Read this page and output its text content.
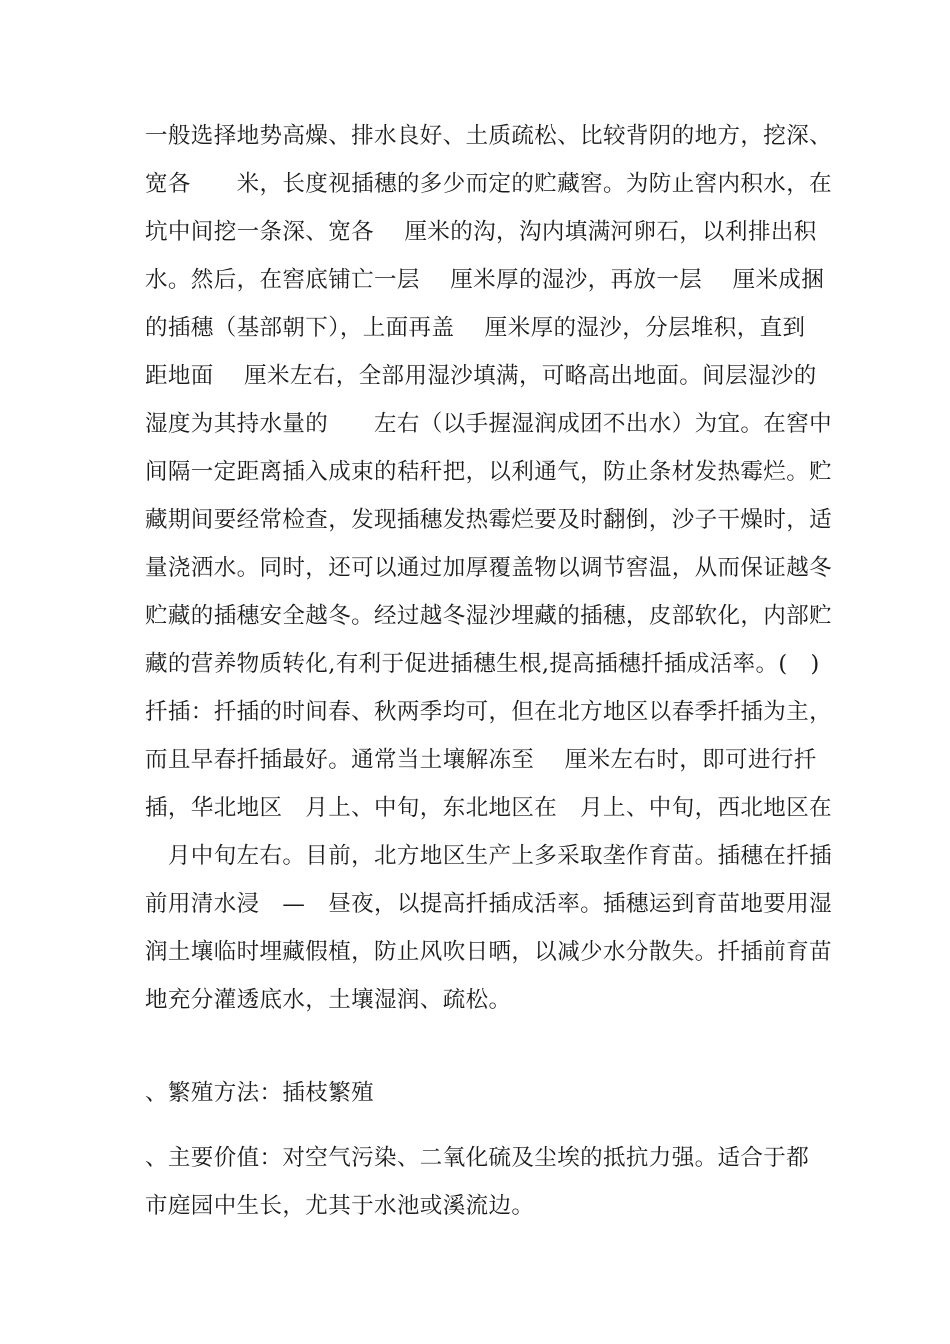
一般选择地势高燥、排水良好、土质疏松、比较背阴的地方，挖深、
宽各　　米，长度视插穗的多少而定的贮藏窖。为防止窖内积水，在
坑中间挖一条深、宽各　 厘米的沟，沟内填满河卵石，以利排出积
水。然后，在窖底铺亡一层　 厘米厚的湿沙，再放一层　 厘米成捆
的插穗（基部朝下），上面再盖　 厘米厚的湿沙，分层堆积，直到
距地面　 厘米左右，全部用湿沙填满，可略高出地面。间层湿沙的
湿度为其持水量的　　左右（以手握湿润成团不出水）为宜。在窖中
间隔一定距离插入成束的秸秆把，以利通气，防止条材发热霉烂。贮
藏期间要经常检查，发现插穗发热霉烂要及时翻倒，沙子干燥时，适
量浇洒水。同时，还可以通过加厚覆盖物以调节窖温，从而保证越冬
贮藏的插穗安全越冬。经过越冬湿沙埋藏的插穗，皮部软化，内部贮
藏的营养物质转化,有利于促进插穗生根,提高插穗扦插成活率。(　)
扦插：扦插的时间春、秋两季均可，但在北方地区以春季扦插为主，
而且早春扦插最好。通常当土壤解冻至　 厘米左右时，即可进行扦
插，华北地区　月上、中旬，东北地区在　月上、中旬，西北地区在
　月中旬左右。目前，北方地区生产上多采取垄作育苗。插穗在扦插
前用清水浸　—　昼夜，以提高扦插成活率。插穗运到育苗地要用湿
润土壤临时埋藏假植，防止风吹日晒，以减少水分散失。扦插前育苗
地充分灌透底水，土壤湿润、疏松。
、繁殖方法：插枝繁殖
、主要价值：对空气污染、二氧化硫及尘埃的抵抗力强。适合于都
市庭园中生长，尤其于水池或溪流边。
